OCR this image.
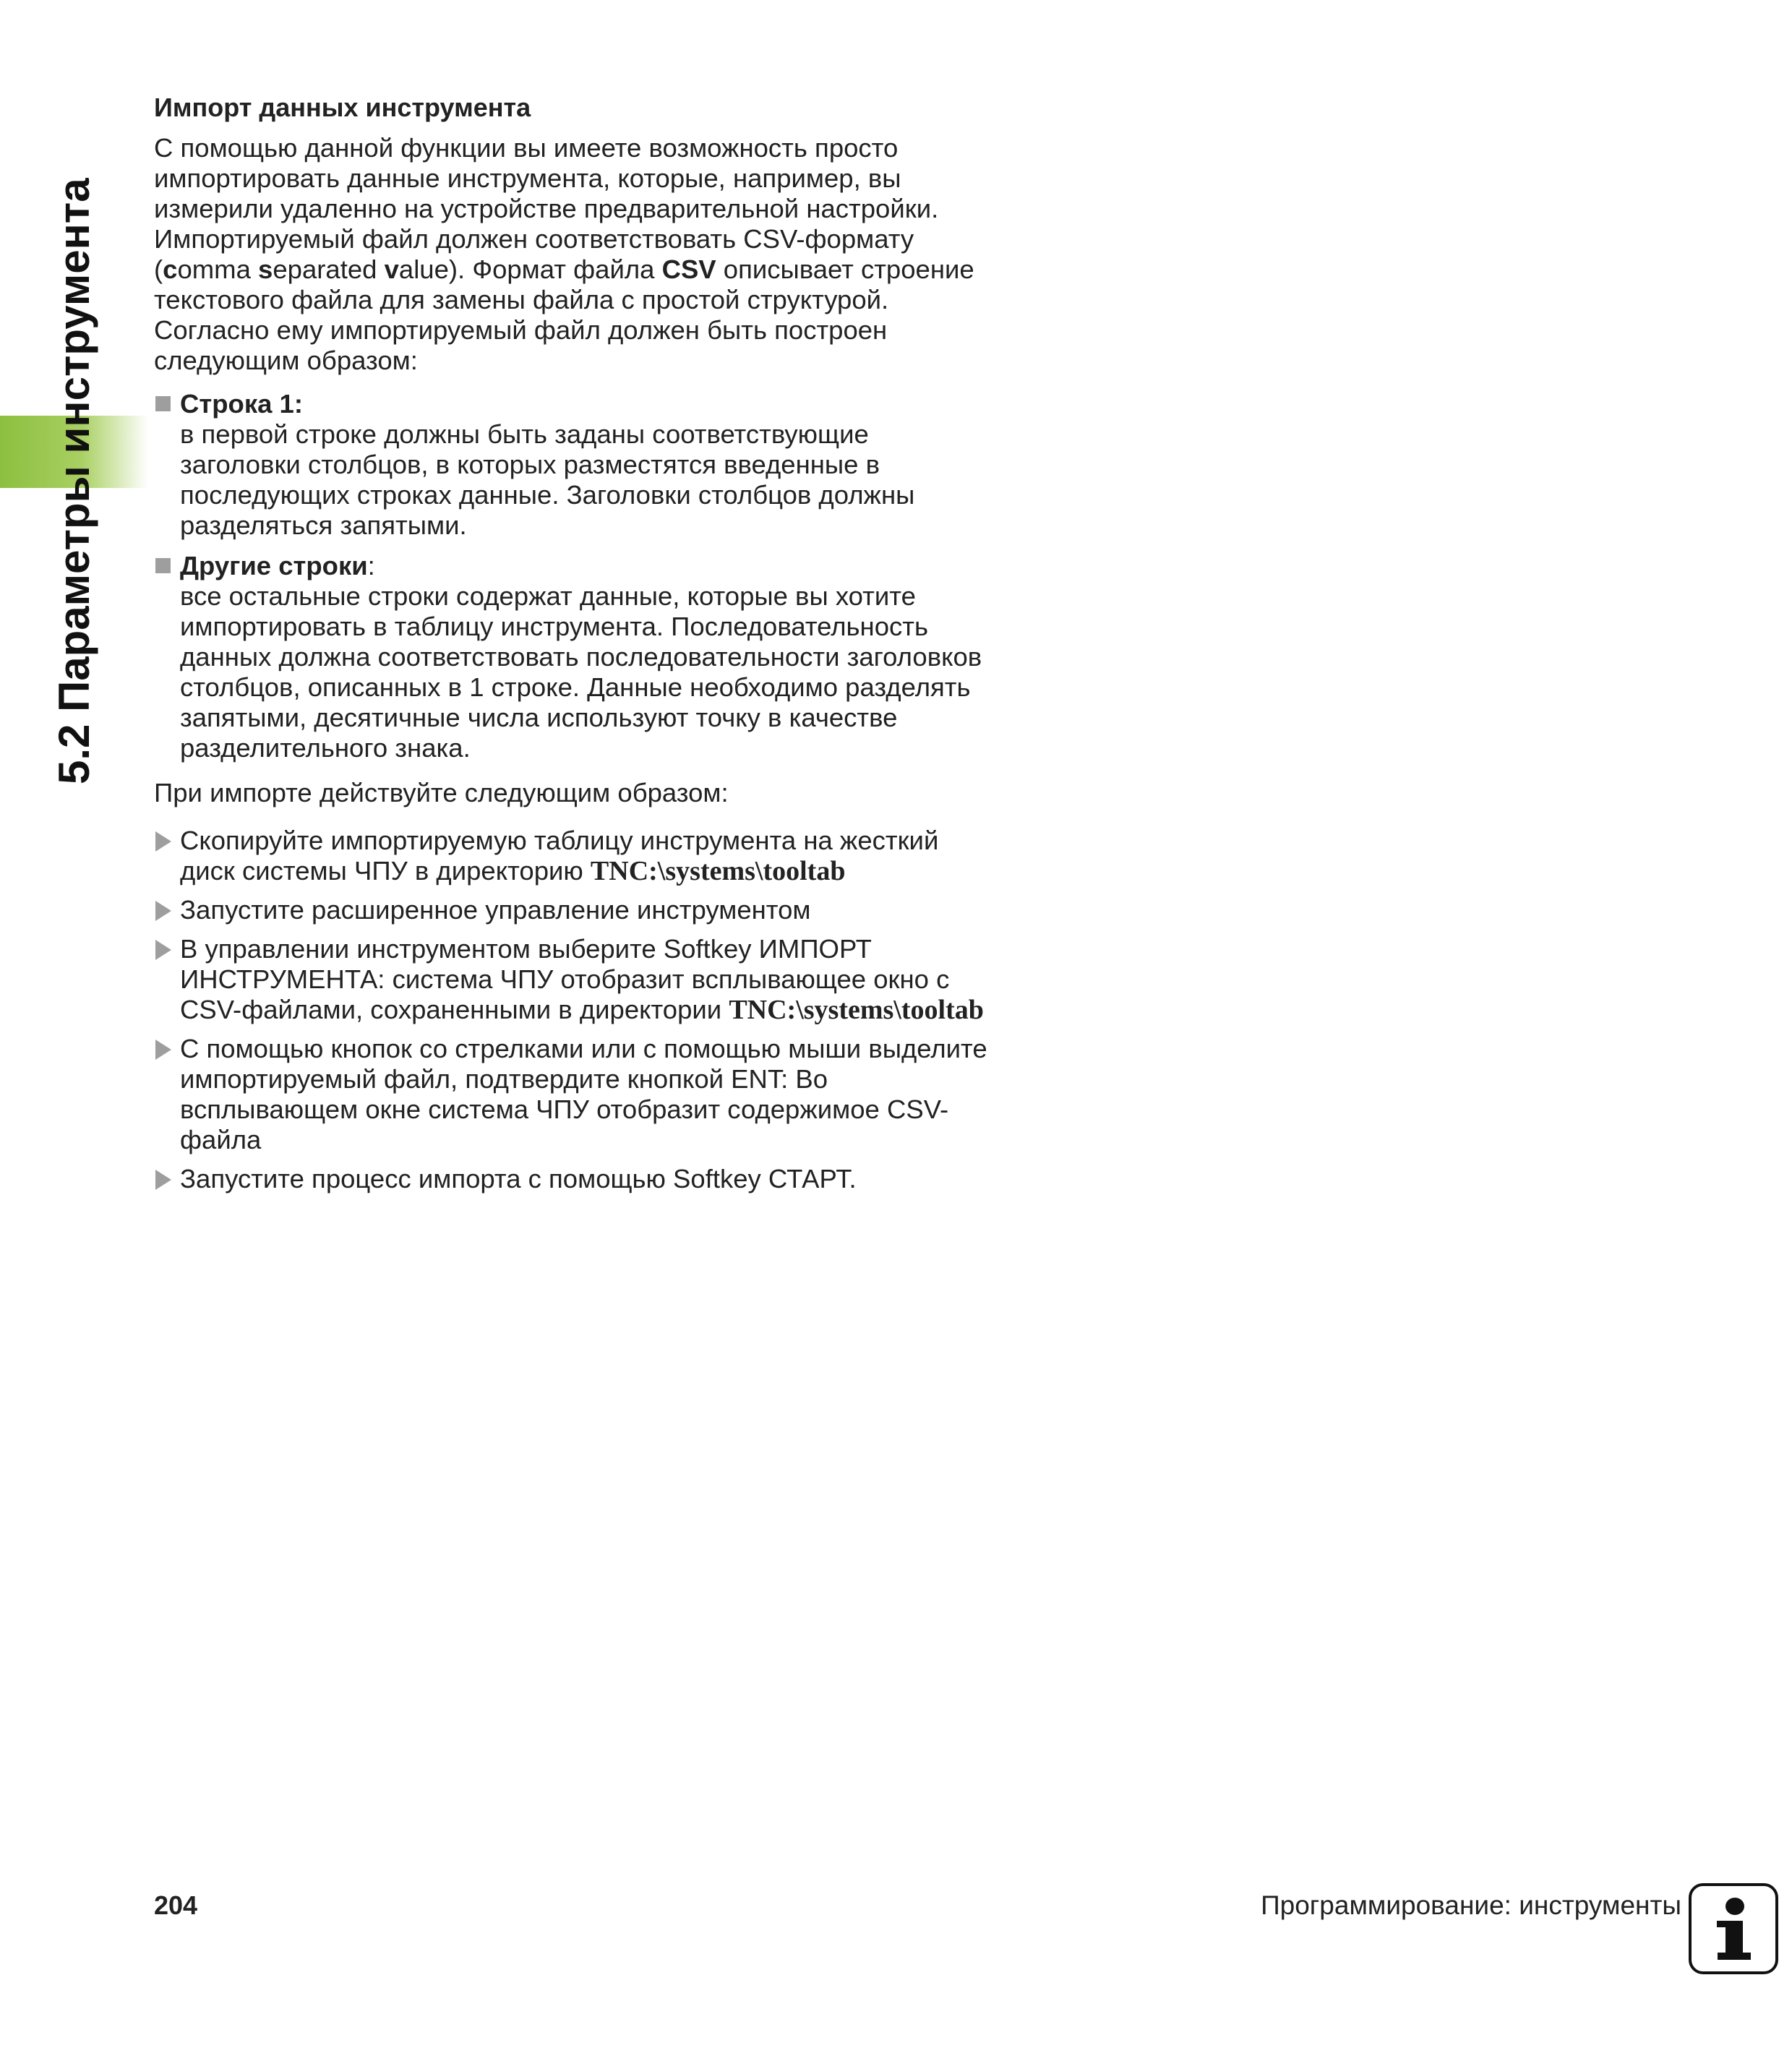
5.2 Параметры инструмента
Импорт данных инструмента
С помощью данной функции вы имеете возможность просто импортировать данные инструмента, которые, например, вы измерили удаленно на устройстве предварительной настройки. Импортируемый файл должен соответствовать CSV-формату (comma separated value). Формат файла CSV описывает строение текстового файла для замены файла с простой структурой. Согласно ему импортируемый файл должен быть построен следующим образом:
Строка 1:
в первой строке должны быть заданы соответствующие заголовки столбцов, в которых разместятся введенные в последующих строках данные. Заголовки столбцов должны разделяться запятыми.
Другие строки:
все остальные строки содержат данные, которые вы хотите импортировать в таблицу инструмента. Последовательность данных должна соответствовать последовательности заголовков столбцов, описанных в 1 строке. Данные необходимо разделять запятыми, десятичные числа используют точку в качестве разделительного знака.
При импорте действуйте следующим образом:
Скопируйте импортируемую таблицу инструмента на жесткий диск системы ЧПУ в директорию TNC:\systems\tooltab
Запустите расширенное управление инструментом
В управлении инструментом выберите Softkey ИМПОРТ ИНСТРУМЕНТА: система ЧПУ отобразит всплывающее окно с CSV-файлами, сохраненными в директории TNC:\systems\tooltab
С помощью кнопок со стрелками или с помощью мыши выделите импортируемый файл, подтвердите кнопкой ENT: Во всплывающем окне система ЧПУ отобразит содержимое CSV-файла
Запустите процесс импорта с помощью Softkey СТАРТ.
204	Программирование: инструменты
